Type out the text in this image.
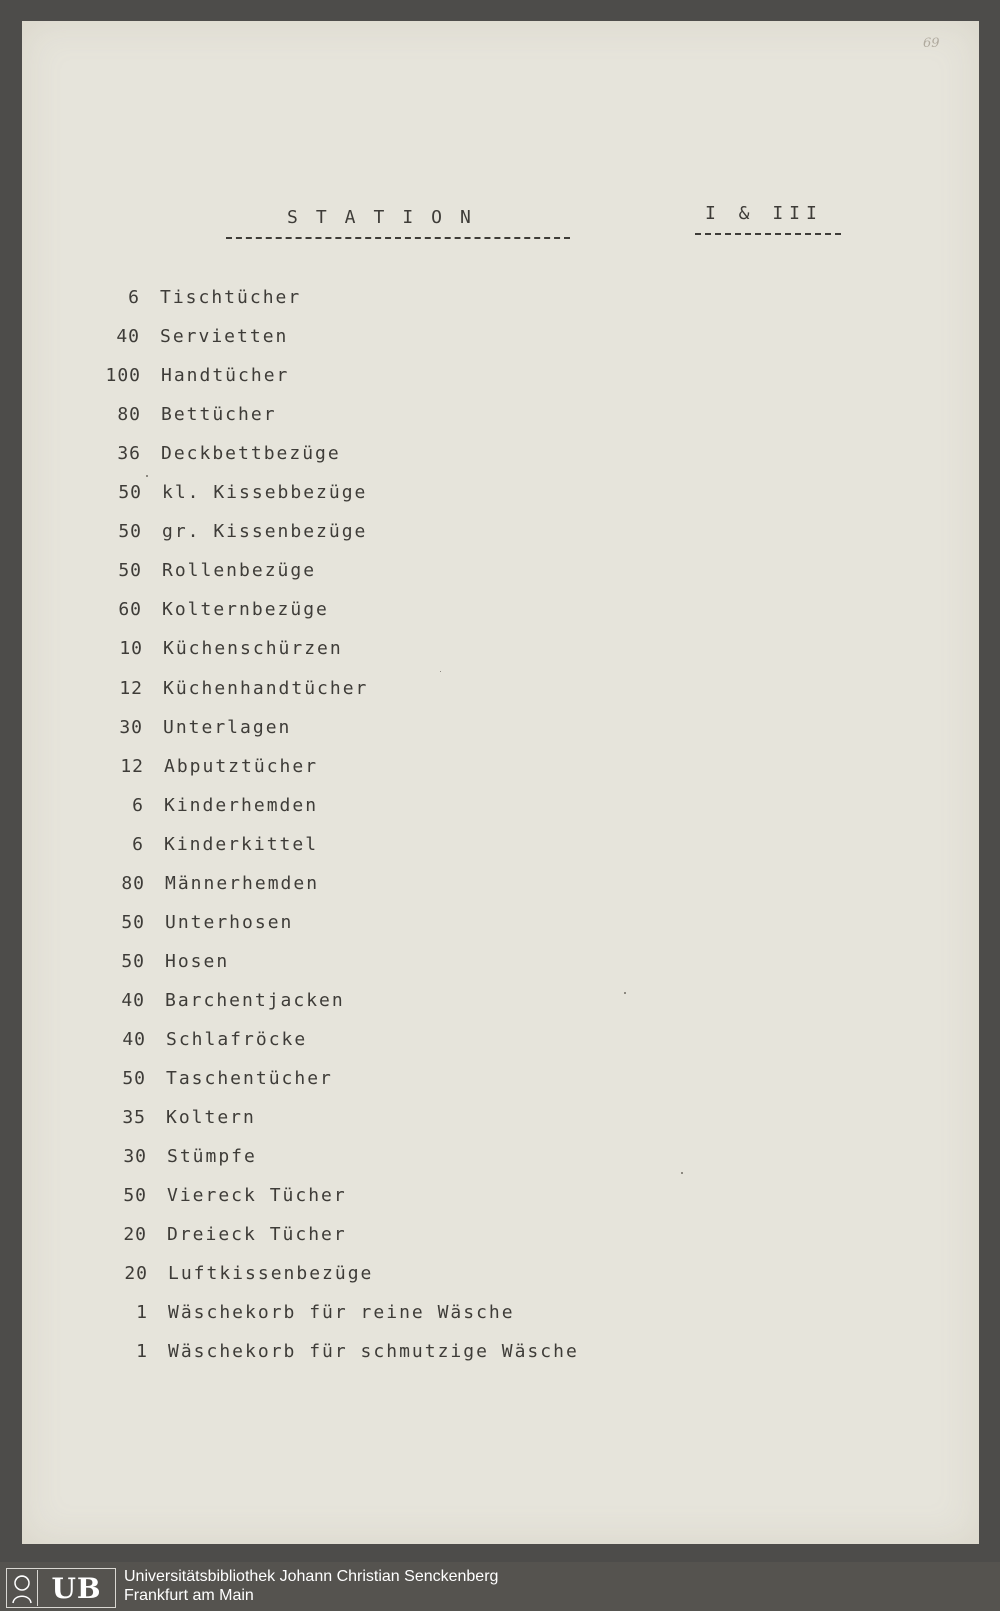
69
STATION	I & III
6 Tischtücher
40 Servietten
100 Handtücher
80 Bettücher
36 Deckbettbezüge
50 kl. Kissebbezüge
50 gr. Kissenbezüge
50 Rollenbezüge
60 Kolternbezüge
10 Küchenschürzen
12 Küchenhandtücher
30 Unterlagen
12 Abputztücher
6 Kinderhemden
6 Kinderkittel
80 Männerhemden
50 Unterhosen
50 Hosen
40 Barchentjacken
40 Schlafröcke
50 Taschentücher
35 Koltern
30 Stümpfe
50 Viereck Tücher
20 Dreieck Tücher
20 Luftkissenbezüge
1 Wäschekorb für reine Wäsche
1 Wäschekorb für schmutzige Wäsche
UB	Universitätsbibliothek Johann Christian Senckenberg
Frankfurt am Main
